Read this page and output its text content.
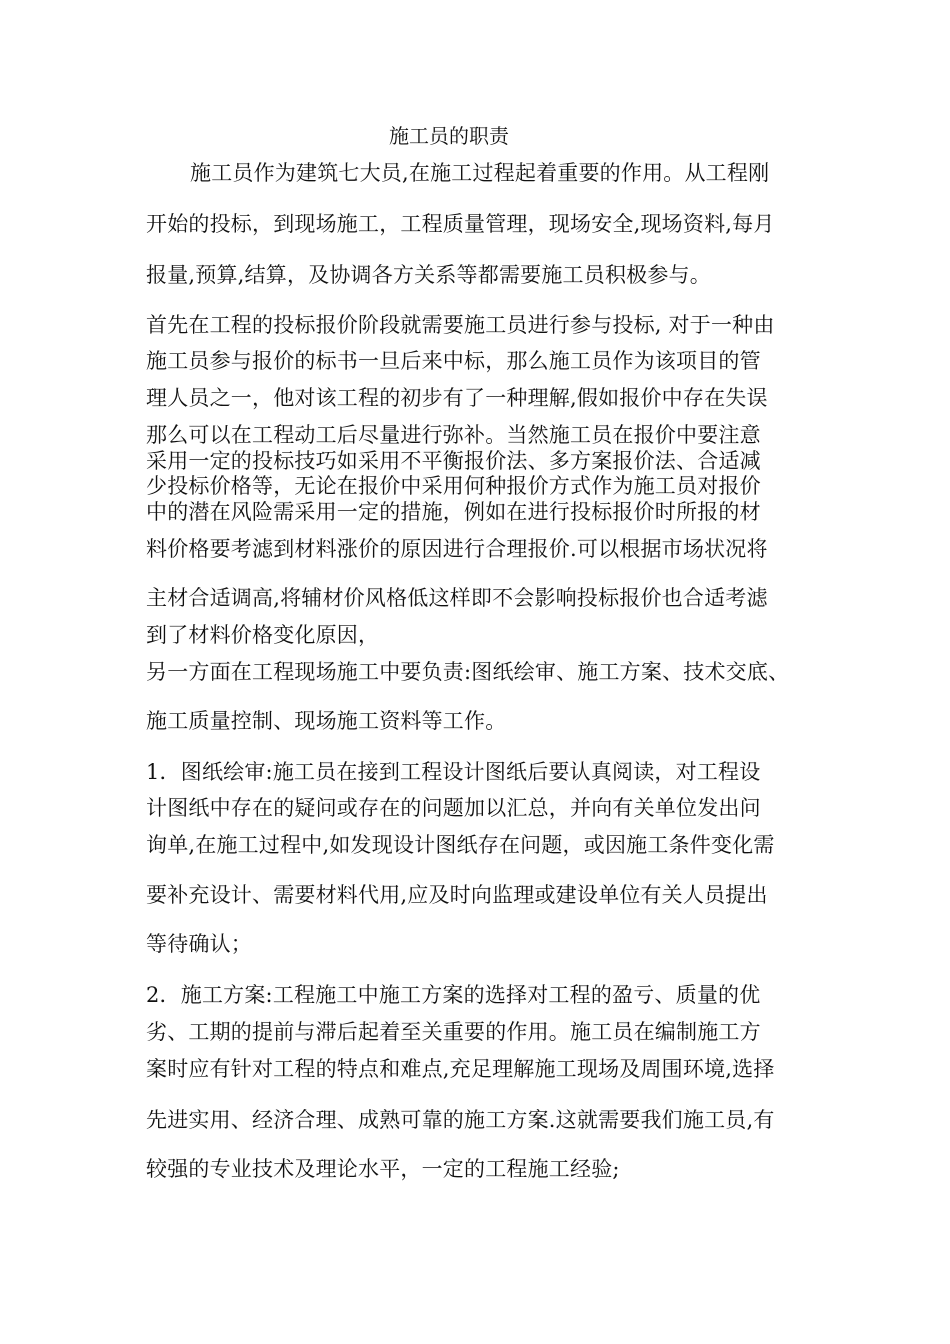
施工员的职责
施工员作为建筑七大员,在施工过程起着重要的作用。从工程刚
开始的投标，到现场施工，工程质量管理，现场安全,现场资料,每月
报量,预算,结算，及协调各方关系等都需要施工员积极参与。
首先在工程的投标报价阶段就需要施工员进行参与投标, 对于一种由
施工员参与报价的标书一旦后来中标，那么施工员作为该项目的管
理人员之一，他对该工程的初步有了一种理解,假如报价中存在失误
那么可以在工程动工后尽量进行弥补。当然施工员在报价中要注意
采用一定的投标技巧如采用不平衡报价法、多方案报价法、合适减
少投标价格等，无论在报价中采用何种报价方式作为施工员对报价
中的潜在风险需采用一定的措施，例如在进行投标报价时所报的材
料价格要考滤到材料涨价的原因进行合理报价.可以根据市场状况将
主材合适调高,将辅材价风格低这样即不会影响投标报价也合适考滤
到了材料价格变化原因，
另一方面在工程现场施工中要负责:图纸绘审、施工方案、技术交底、
施工质量控制、现场施工资料等工作。
1．图纸绘审:施工员在接到工程设计图纸后要认真阅读，对工程设
计图纸中存在的疑问或存在的问题加以汇总，并向有关单位发出问
询单,在施工过程中,如发现设计图纸存在问题，或因施工条件变化需
要补充设计、需要材料代用,应及时向监理或建设单位有关人员提出
等待确认；
2．施工方案:工程施工中施工方案的选择对工程的盈亏、质量的优
劣、工期的提前与滞后起着至关重要的作用。施工员在编制施工方
案时应有针对工程的特点和难点,充足理解施工现场及周围环境,选择
先进实用、经济合理、成熟可靠的施工方案.这就需要我们施工员,有
较强的专业技术及理论水平，一定的工程施工经验;
